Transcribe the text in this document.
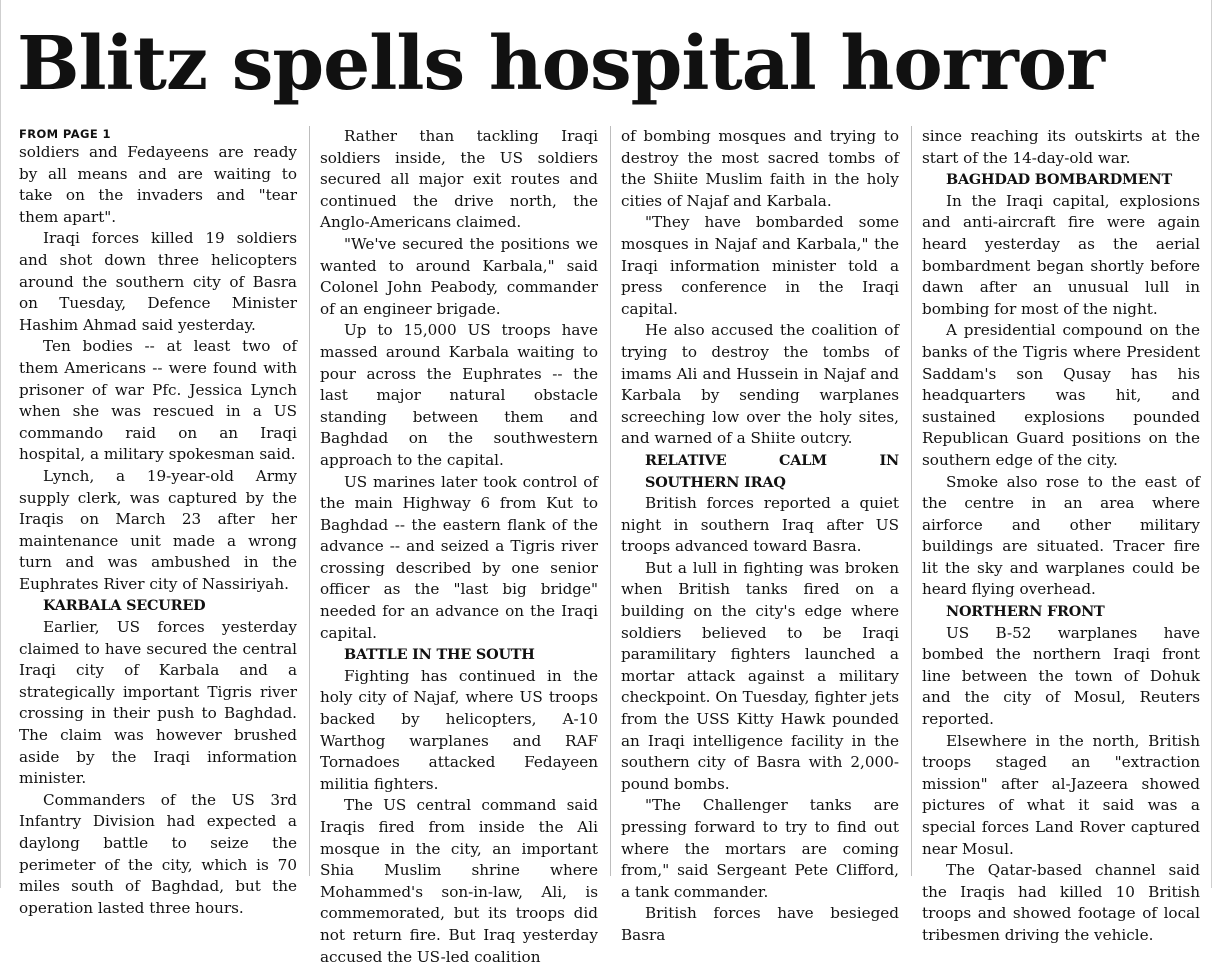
Blitz spells hospital horror
FROM PAGE 1

soldiers and Fedayeens are ready by all means and are waiting to take on the invaders and "tear them apart".

Iraqi forces killed 19 soldiers and shot down three helicopters around the southern city of Basra on Tuesday, Defence Minister Hashim Ahmad said yesterday.

Ten bodies -- at least two of them Americans -- were found with prisoner of war Pfc. Jessica Lynch when she was rescued in a US commando raid on an Iraqi hospital, a military spokesman said.

Lynch, a 19-year-old Army supply clerk, was captured by the Iraqis on March 23 after her maintenance unit made a wrong turn and was ambushed in the Euphrates River city of Nassiriyah.

KARBALA SECURED

Earlier, US forces yesterday claimed to have secured the central Iraqi city of Karbala and a strategically important Tigris river crossing in their push to Baghdad. The claim was however brushed aside by the Iraqi information minister.

Commanders of the US 3rd Infantry Division had expected a daylong battle to seize the perimeter of the city, which is 70 miles south of Baghdad, but the operation lasted three hours.

Rather than tackling Iraqi soldiers inside, the US soldiers secured all major exit routes and continued the drive north, the Anglo-Americans claimed.

"We've secured the positions we wanted to around Karbala," said Colonel John Peabody, commander of an engineer brigade.

Up to 15,000 US troops have massed around Karbala waiting to pour across the Euphrates -- the last major natural obstacle standing between them and Baghdad on the southwestern approach to the capital.

US marines later took control of the main Highway 6 from Kut to Baghdad -- the eastern flank of the advance -- and seized a Tigris river crossing described by one senior officer as the "last big bridge" needed for an advance on the Iraqi capital.

BATTLE IN THE SOUTH

Fighting has continued in the holy city of Najaf, where US troops backed by helicopters, A-10 Warthog warplanes and RAF Tornadoes attacked Fedayeen militia fighters.

The US central command said Iraqis fired from inside the Ali mosque in the city, an important Shia Muslim shrine where Mohammed's son-in-law, Ali, is commemorated, but its troops did not return fire. But Iraq yesterday accused the US-led coalition

of bombing mosques and trying to destroy the most sacred tombs of the Shiite Muslim faith in the holy cities of Najaf and Karbala.

"They have bombarded some mosques in Najaf and Karbala," the Iraqi information minister told a press conference in the Iraqi capital.

He also accused the coalition of trying to destroy the tombs of imams Ali and Hussein in Najaf and Karbala by sending warplanes screeching low over the holy sites, and warned of a Shiite outcry.

RELATIVE CALM IN SOUTHERN IRAQ

British forces reported a quiet night in southern Iraq after US troops advanced toward Basra.

But a lull in fighting was broken when British tanks fired on a building on the city's edge where soldiers believed to be Iraqi paramilitary fighters launched a mortar attack against a military checkpoint. On Tuesday, fighter jets from the USS Kitty Hawk pounded an Iraqi intelligence facility in the southern city of Basra with 2,000-pound bombs.

"The Challenger tanks are pressing forward to try to find out where the mortars are coming from," said Sergeant Pete Clifford, a tank commander.

British forces have besieged Basra

since reaching its outskirts at the start of the 14-day-old war.

BAGHDAD BOMBARDMENT

In the Iraqi capital, explosions and anti-aircraft fire were again heard yesterday as the aerial bombardment began shortly before dawn after an unusual lull in bombing for most of the night.

A presidential compound on the banks of the Tigris where President Saddam's son Qusay has his headquarters was hit, and sustained explosions pounded Republican Guard positions on the southern edge of the city.

Smoke also rose to the east of the centre in an area where airforce and other military buildings are situated. Tracer fire lit the sky and warplanes could be heard flying overhead.

NORTHERN FRONT

US B-52 warplanes have bombed the northern Iraqi front line between the town of Dohuk and the city of Mosul, Reuters reported.

Elsewhere in the north, British troops staged an "extraction mission" after al-Jazeera showed pictures of what it said was a special forces Land Rover captured near Mosul.

The Qatar-based channel said the Iraqis had killed 10 British troops and showed footage of local tribesmen driving the vehicle.
